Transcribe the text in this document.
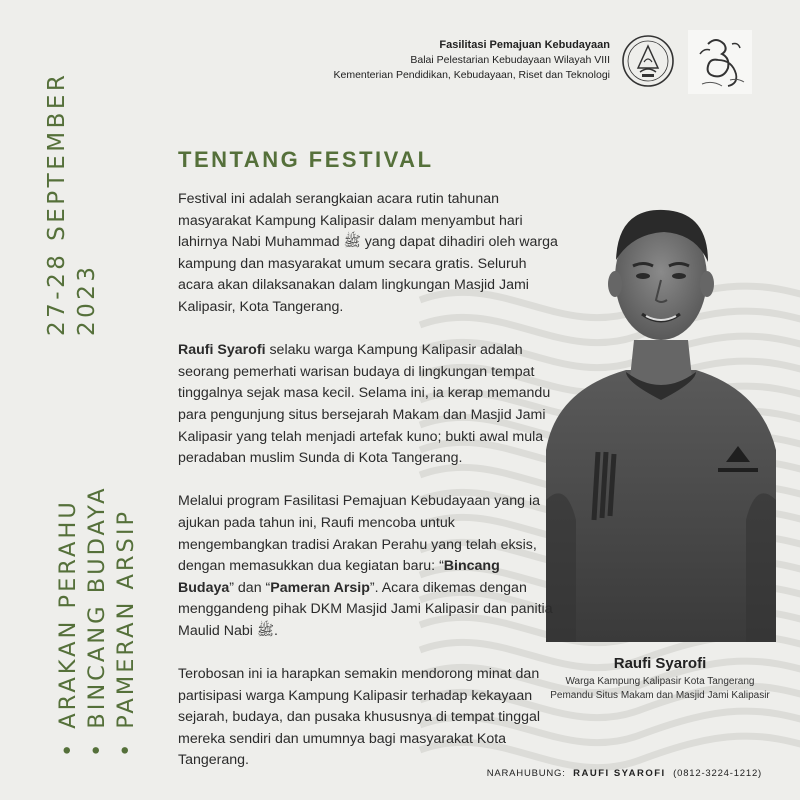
27-28 SEPTEMBER 2023
•ARAKAN PERAHU
•BINCANG BUDAYA
•PAMERAN ARSIP
Fasilitasi Pemajuan Kebudayaan
Balai Pelestarian Kebudayaan Wilayah VIII
Kementerian Pendidikan, Kebudayaan, Riset dan Teknologi
TENTANG FESTIVAL

Festival ini adalah serangkaian acara rutin tahunan masyarakat Kampung Kalipasir dalam menyambut hari lahirnya Nabi Muhammad ﷺ yang dapat dihadiri oleh warga kampung dan masyarakat umum secara gratis. Seluruh acara akan dilaksanakan dalam lingkungan Masjid Jami Kalipasir, Kota Tangerang.

Raufi Syarofi selaku warga Kampung Kalipasir adalah seorang pemerhati warisan budaya di lingkungan tempat tinggalnya sejak masa kecil. Selama ini, ia kerap memandu para pengunjung situs bersejarah Makam dan Masjid Jami Kalipasir yang telah menjadi artefak kuno; bukti awal mula peradaban muslim Sunda di Kota Tangerang.

Melalui program Fasilitasi Pemajuan Kebudayaan yang ia ajukan pada tahun ini, Raufi mencoba untuk mengembangkan tradisi Arakan Perahu yang telah eksis, dengan memasukkan dua kegiatan baru: “Bincang Budaya” dan “Pameran Arsip”. Acara dikemas dengan menggandeng pihak DKM Masjid Jami Kalipasir dan panitia Maulid Nabi ﷺ.

Terobosan ini ia harapkan semakin mendorong minat dan partisipasi warga Kampung Kalipasir terhadap kekayaan sejarah, budaya, dan pusaka khususnya di tempat tinggal mereka sendiri dan umumnya bagi masyarakat Kota Tangerang.

Raufi Syarofi
Warga Kampung Kalipasir Kota Tangerang
Pemandu Situs Makam dan Masjid Jami Kalipasir
NARAHUBUNG: RAUFI SYAROFI (0812-3224-1212)
